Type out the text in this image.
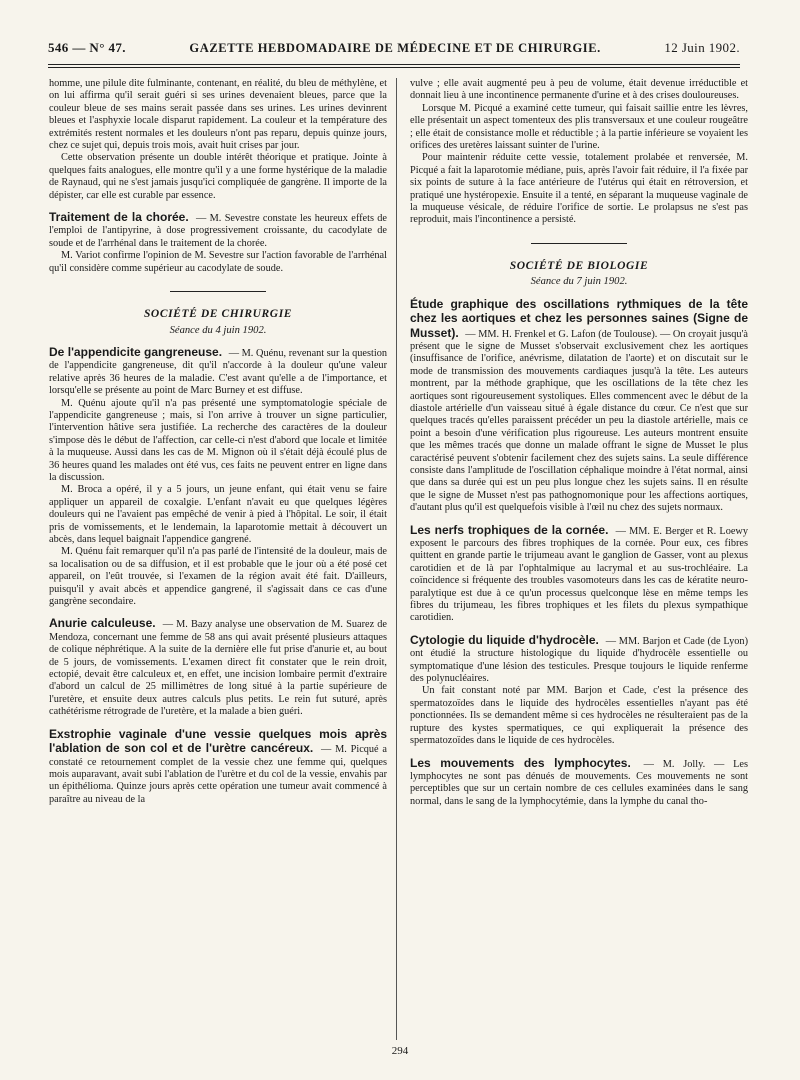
546 — N° 47.	GAZETTE HEBDOMADAIRE DE MÉDECINE ET DE CHIRURGIE.	12 Juin 1902.

homme, une pilule dite fulminante, contenant, en réalité, du bleu de méthylène, et on lui affirma qu'il serait guéri si ses urines devenaient bleues, parce que la couleur bleue de ses mains serait passée dans ses urines. Les urines devinrent bleues et l'asphyxie locale disparut rapidement. La couleur et la température des extrémités restent normales et les douleurs n'ont pas reparu, depuis quinze jours, chez ce sujet qui, depuis trois mois, avait huit crises par jour.

Cette observation présente un double intérêt théorique et pratique. Jointe à quelques faits analogues, elle montre qu'il y a une forme hystérique de la maladie de Raynaud, qui ne s'est jamais jusqu'ici compliquée de gangrène. Il importe de la dépister, car elle est curable par essence.

Traitement de la chorée. — M. Sevestre constate les heureux effets de l'emploi de l'antipyrine, à dose progressivement croissante, du cacodylate de soude et de l'arrhénal dans le traitement de la chorée.

M. Variot confirme l'opinion de M. Sevestre sur l'action favorable de l'arrhénal qu'il considère comme supérieur au cacodylate de soude.

SOCIÉTÉ DE CHIRURGIE
Séance du 4 juin 1902.

De l'appendicite gangreneuse. — M. Quénu, revenant sur la question de l'appendicite gangreneuse, dit qu'il n'accorde à la douleur qu'une valeur relative après 36 heures de la maladie. C'est avant qu'elle a de l'importance, et lorsqu'elle se présente au point de Marc Burney et est diffuse.

M. Quénu ajoute qu'il n'a pas présenté une symptomatologie spéciale de l'appendicite gangreneuse ; mais, si l'on arrive à trouver un signe particulier, l'intervention hâtive sera justifiée. La recherche des caractères de la douleur s'impose dès le début de l'affection, car celle-ci n'est d'abord que locale et limitée à la muqueuse. Aussi dans les cas de M. Mignon où il s'était déjà écoulé plus de 36 heures quand les malades ont été vus, ces faits ne peuvent entrer en ligne dans la discussion.

M. Broca a opéré, il y a 5 jours, un jeune enfant, qui était venu se faire appliquer un appareil de coxalgie. L'enfant n'avait eu que quelques légères douleurs qui ne l'avaient pas empêché de venir à pied à l'hôpital. Le soir, il était pris de vomissements, et le lendemain, la laparotomie mettait à découvert un abcès, dans lequel baignait l'appendice gangrené.

M. Quénu fait remarquer qu'il n'a pas parlé de l'intensité de la douleur, mais de sa localisation ou de sa diffusion, et il est probable que le jour où a été posé cet appareil, on l'eût trouvée, si l'examen de la région avait été fait. D'ailleurs, puisqu'il y avait abcès et appendice gangrené, il s'agissait dans ce cas d'une gangrène secondaire.

Anurie calculeuse. — M. Bazy analyse une observation de M. Suarez de Mendoza, concernant une femme de 58 ans qui avait présenté plusieurs attaques de colique néphrétique. A la suite de la dernière elle fut prise d'anurie et, au bout de 5 jours, de vomissements. L'examen direct fit constater que le rein droit, ectopié, devait être calculeux et, en effet, une incision lombaire permit d'extraire d'abord un calcul de 25 millimètres de long situé à la partie supérieure de l'uretère, et ensuite deux autres calculs plus petits. Le rein fut suturé, après cathétérisme rétrograde de l'uretère, et la malade a bien guéri.

Exstrophie vaginale d'une vessie quelques mois après l'ablation de son col et de l'urètre cancéreux. — M. Picqué a constaté ce retournement complet de la vessie chez une femme qui, quelques mois auparavant, avait subi l'ablation de l'urètre et du col de la vessie, envahis par un épithélioma. Quinze jours après cette opération une tumeur avait commencé à paraître au niveau de la

vulve ; elle avait augmenté peu à peu de volume, était devenue irréductible et donnait lieu à une incontinence permanente d'urine et à des crises douloureuses.

Lorsque M. Picqué a examiné cette tumeur, qui faisait saillie entre les lèvres, elle présentait un aspect tomenteux des plis transversaux et une couleur rougeâtre ; elle était de consistance molle et réductible ; à la partie inférieure se voyaient les orifices des uretères laissant suinter de l'urine.

Pour maintenir réduite cette vessie, totalement prolabée et renversée, M. Picqué a fait la laparotomie médiane, puis, après l'avoir fait réduire, il l'a fixée par six points de suture à la face antérieure de l'utérus qui était en rétroversion, et pratiqué une hystéropexie. Ensuite il a tenté, en séparant la muqueuse vaginale de la muqueuse vésicale, de réduire l'orifice de sortie. Le prolapsus ne s'est pas reproduit, mais l'incontinence a persisté.

SOCIÉTÉ DE BIOLOGIE
Séance du 7 juin 1902.

Étude graphique des oscillations rythmiques de la tête chez les aortiques et chez les personnes saines (Signe de Musset). — MM. H. Frenkel et G. Lafon (de Toulouse). — On croyait jusqu'à présent que le signe de Musset s'observait exclusivement chez les aortiques (insuffisance de l'orifice, anévrisme, dilatation de l'aorte) et on discutait sur le mode de transmission des mouvements cardiaques jusqu'à la tête. Les auteurs montrent, par la méthode graphique, que les oscillations de la tête chez les aortiques sont rigoureusement systoliques. Elles commencent avec le début de la diastole artérielle d'un vaisseau situé à égale distance du cœur. Ce n'est que sur quelques tracés qu'elles paraissent précéder un peu la diastole artérielle, mais ce point a besoin d'une vérification plus rigoureuse. Les auteurs montrent ensuite que les mêmes tracés que donne un malade offrant le signe de Musset le plus caractérisé peuvent s'obtenir facilement chez des sujets sains. La seule différence consiste dans l'amplitude de l'oscillation céphalique moindre à l'état normal, ainsi que dans sa durée qui est un peu plus longue chez les sujets sains. Il en résulte que le signe de Musset n'est pas pathognomonique pour les affections aortiques, d'autant plus qu'il est quelquefois visible à l'œil nu chez des sujets normaux.

Les nerfs trophiques de la cornée. — MM. E. Berger et R. Loewy exposent le parcours des fibres trophiques de la cornée. Pour eux, ces fibres quittent en grande partie le trijumeau avant le ganglion de Gasser, vont au plexus carotidien et de là par l'ophtalmique au lacrymal et au sus-trochléaire. La coïncidence si fréquente des troubles vasomoteurs dans les cas de kératite neuro-paralytique est due à ce qu'un processus quelconque lèse en même temps les fibres du trijumeau, les fibres trophiques et les filets du plexus sympathique carotidien.

Cytologie du liquide d'hydrocèle. — MM. Barjon et Cade (de Lyon) ont étudié la structure histologique du liquide d'hydrocèle essentielle ou symptomatique d'une lésion des testicules. Presque toujours le liquide renferme des polynucléaires.

Un fait constant noté par MM. Barjon et Cade, c'est la présence des spermatozoïdes dans le liquide des hydrocèles essentielles n'ayant pas été ponctionnées. Ils se demandent même si ces hydrocèles ne résulteraient pas de la rupture des kystes spermatiques, ce qui expliquerait la présence des spermatozoïdes dans le liquide de ces hydrocèles.

Les mouvements des lymphocytes. — M. Jolly. — Les lymphocytes ne sont pas dénués de mouvements. Ces mouvements ne sont perceptibles que sur un certain nombre de ces cellules examinées dans le sang normal, dans le sang de la lymphocytémie, dans la lymphe du canal tho-

294
